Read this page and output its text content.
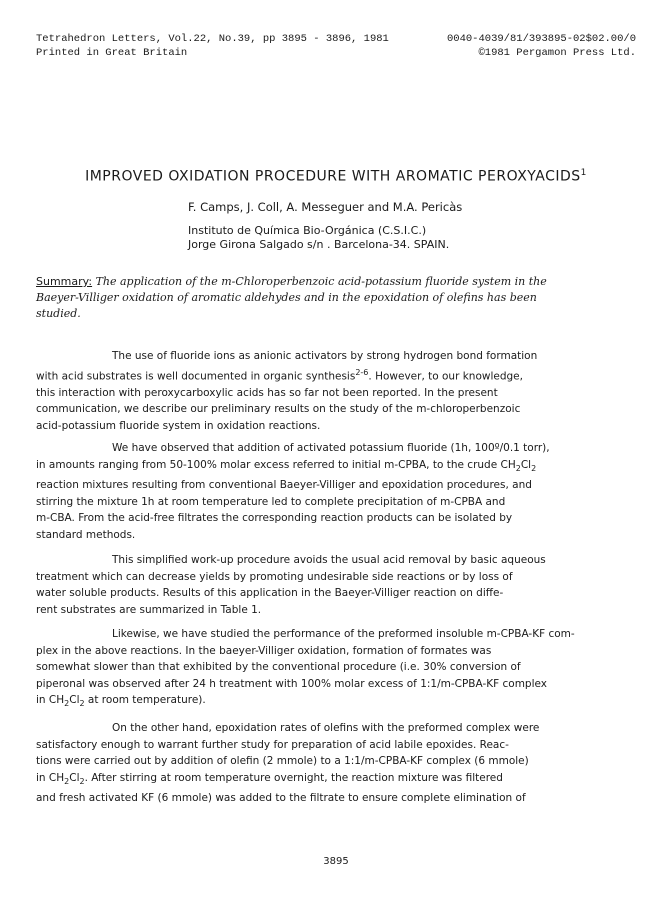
Tetrahedron Letters, Vol.22, No.39, pp 3895 - 3896, 1981
Printed in Great Britain
0040-4039/81/393895-02$02.00/0
©1981 Pergamon Press Ltd.
IMPROVED OXIDATION PROCEDURE WITH AROMATIC PEROXYACIDS$^1$
F. Camps, J. Coll, A. Messeguer and M.A. Pericàs
Instituto de Química Bio-Orgánica (C.S.I.C.)
Jorge Girona Salgado s/n . Barcelona-34. SPAIN.
Summary: The application of the m-Chloroperbenzoic acid-potassium fluoride system in the
Baeyer-Villiger oxidation of aromatic aldehydes and in the epoxidation of olefins has been
studied.
The use of fluoride ions as anionic activators by strong hydrogen bond formation
with acid substrates is well documented in organic synthesis$^{2-6}$. However, to our knowledge,
this interaction with peroxycarboxylic acids has so far not been reported. In the present
communication, we describe our preliminary results on the study of the m-chloroperbenzoic
acid-potassium fluoride system in oxidation reactions.
We have observed that addition of activated potassium fluoride (1h, 100º/0.1 torr),
in amounts ranging from 50-100% molar excess referred to initial m-CPBA, to the crude $CH_2Cl_2$
reaction mixtures resulting from conventional Baeyer-Villiger and epoxidation procedures, and
stirring the mixture 1h at room temperature led to complete precipitation of m-CPBA and
m-CBA. From the acid-free filtrates the corresponding reaction products can be isolated by
standard methods.
This simplified work-up procedure avoids the usual acid removal by basic aqueous
treatment which can decrease yields by promoting undesirable side reactions or by loss of
water soluble products. Results of this application in the Baeyer-Villiger reaction on diffe-
rent substrates are summarized in Table 1.
Likewise, we have studied the performance of the preformed insoluble m-CPBA-KF com-
plex in the above reactions. In the baeyer-Villiger oxidation, formation of formates was
somewhat slower than that exhibited by the conventional procedure (i.e. 30% conversion of
piperonal was observed after 24 h treatment with 100% molar excess of 1:1/m-CPBA-KF complex
in $CH_2Cl_2$ at room temperature).
On the other hand, epoxidation rates of olefins with the preformed complex were
satisfactory enough to warrant further study for preparation of acid labile epoxides. Reac-
tions were carried out by addition of olefin (2 mmole) to a 1:1/m-CPBA-KF complex (6 mmole)
in $CH_2Cl_2$. After stirring at room temperature overnight, the reaction mixture was filtered
and fresh activated KF (6 mmole) was added to the filtrate to ensure complete elimination of
3895
